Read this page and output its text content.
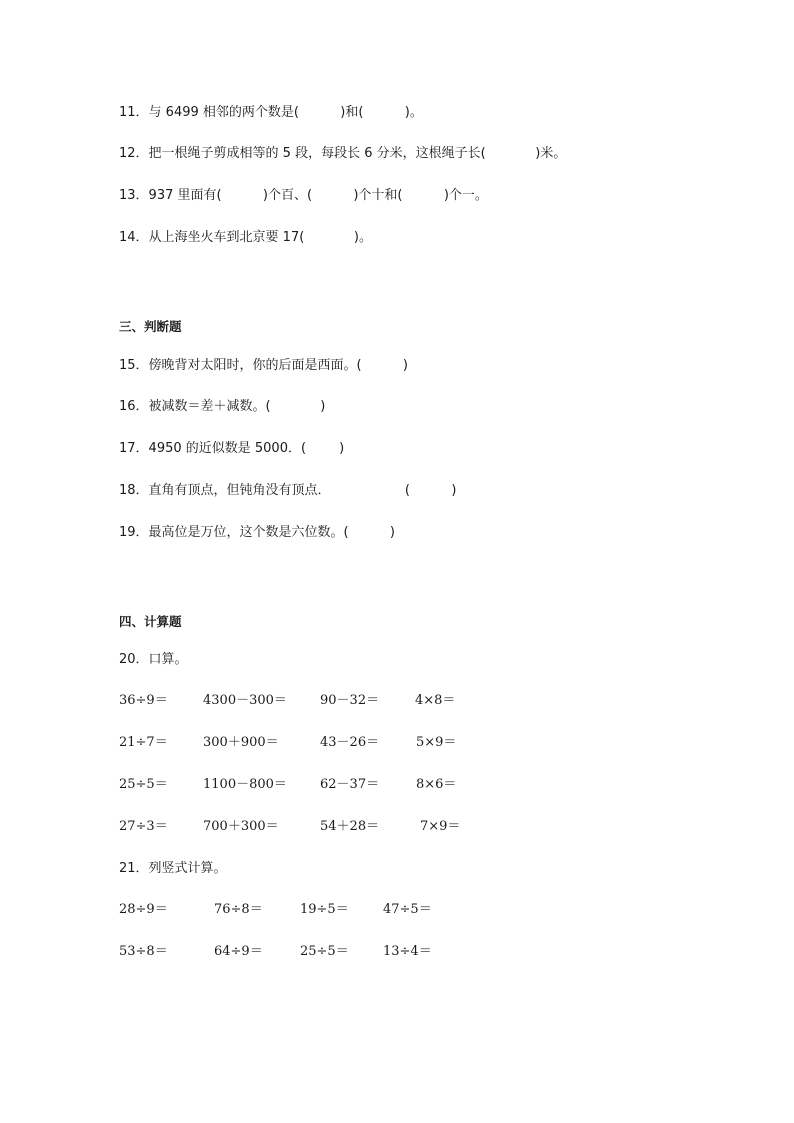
11．与 6499 相邻的两个数是(          )和(          )。
12．把一根绳子剪成相等的 5 段，每段长 6 分米，这根绳子长(            )米。
13．937 里面有(          )个百、(          )个十和(          )个一。
14．从上海坐火车到北京要 17(            )。
三、判断题
15．傍晚背对太阳时，你的后面是西面。(          )
16．被减数＝差＋减数。(            )
17．4950 的近似数是 5000．(        )
18．直角有顶点，但钝角没有顶点．                  (          )
19．最高位是万位，这个数是六位数。(          )
四、计算题
20．口算。
36÷9＝	4300－300＝	90－32＝	4×8＝
21÷7＝	300＋900＝	43－26＝	5×9＝
25÷5＝	1100－800＝	62－37＝	8×6＝
27÷3＝	700＋300＝	54＋28＝	7×9＝
21．列竖式计算。
28÷9＝	76÷8＝	19÷5＝	47÷5＝
53÷8＝	64÷9＝	25÷5＝	13÷4＝
